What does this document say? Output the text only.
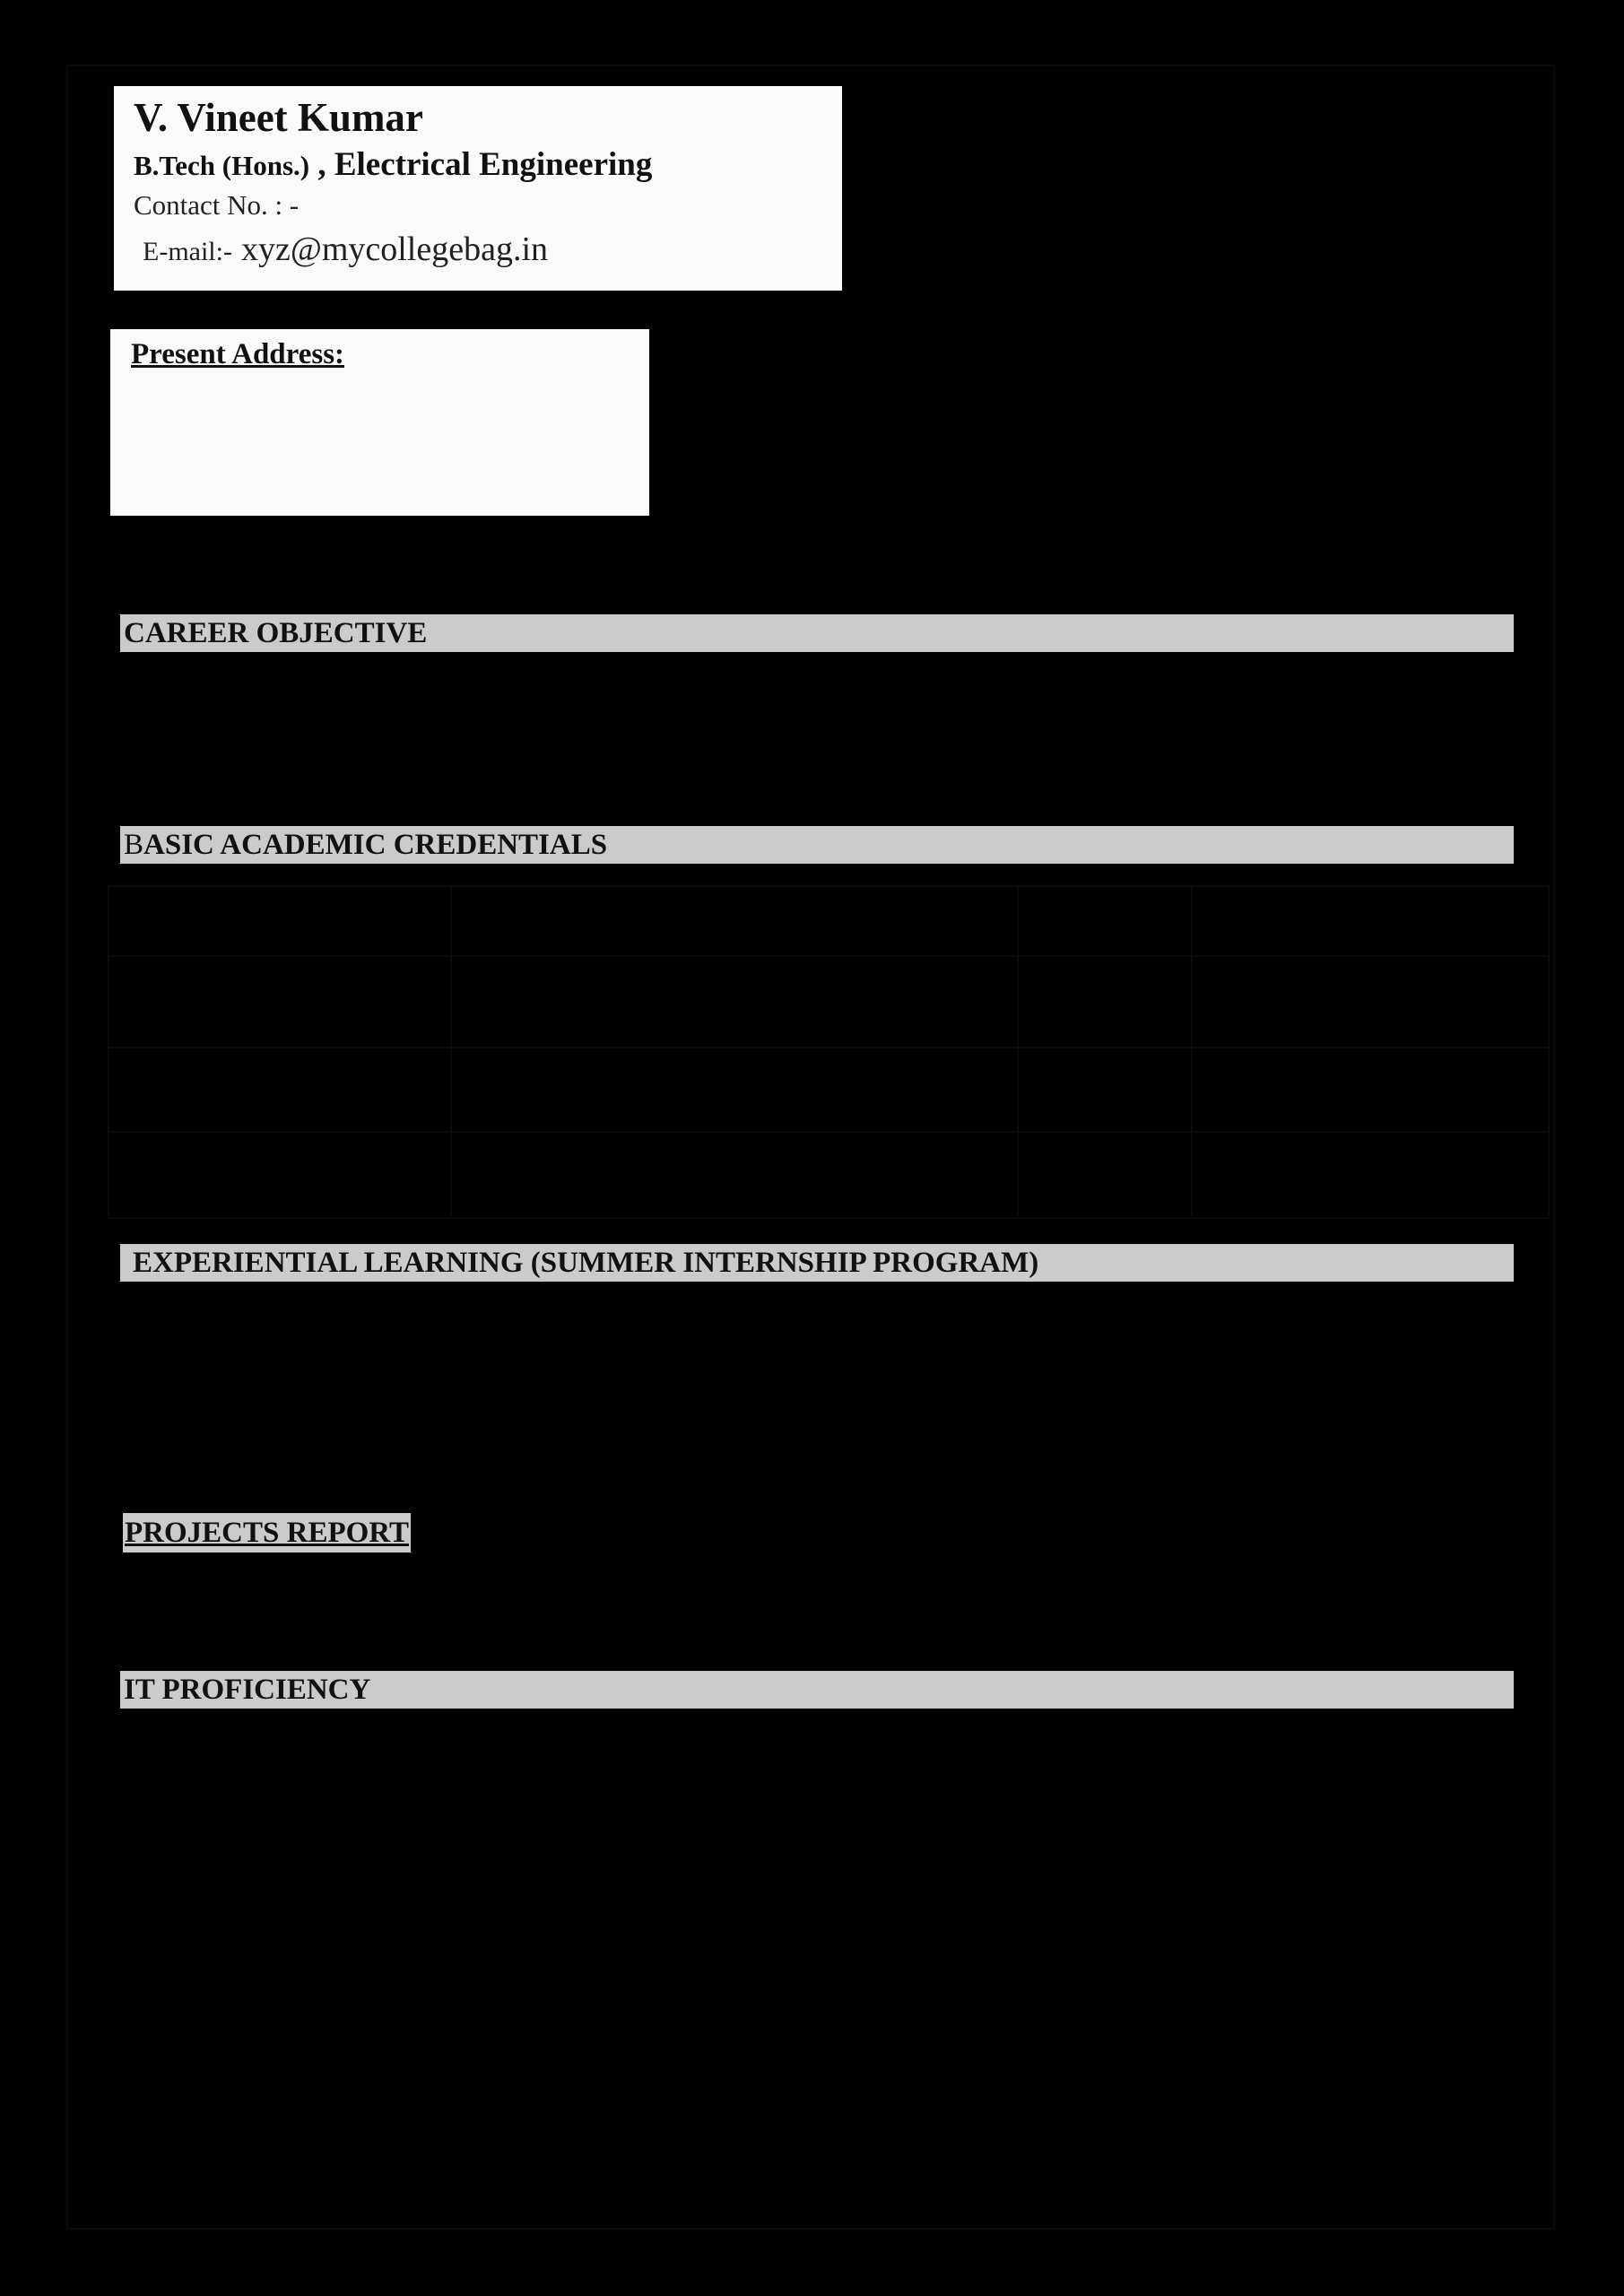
V. Vineet Kumar
B.Tech (Hons.) , Electrical Engineering
Contact No. : -
E-mail:- xyz@mycollegebag.in
Present Address:
CAREER OBJECTIVE
BASIC ACADEMIC CREDENTIALS

EXPERIENTIAL LEARNING (SUMMER INTERNSHIP PROGRAM)
PROJECTS REPORT
IT PROFICIENCY
